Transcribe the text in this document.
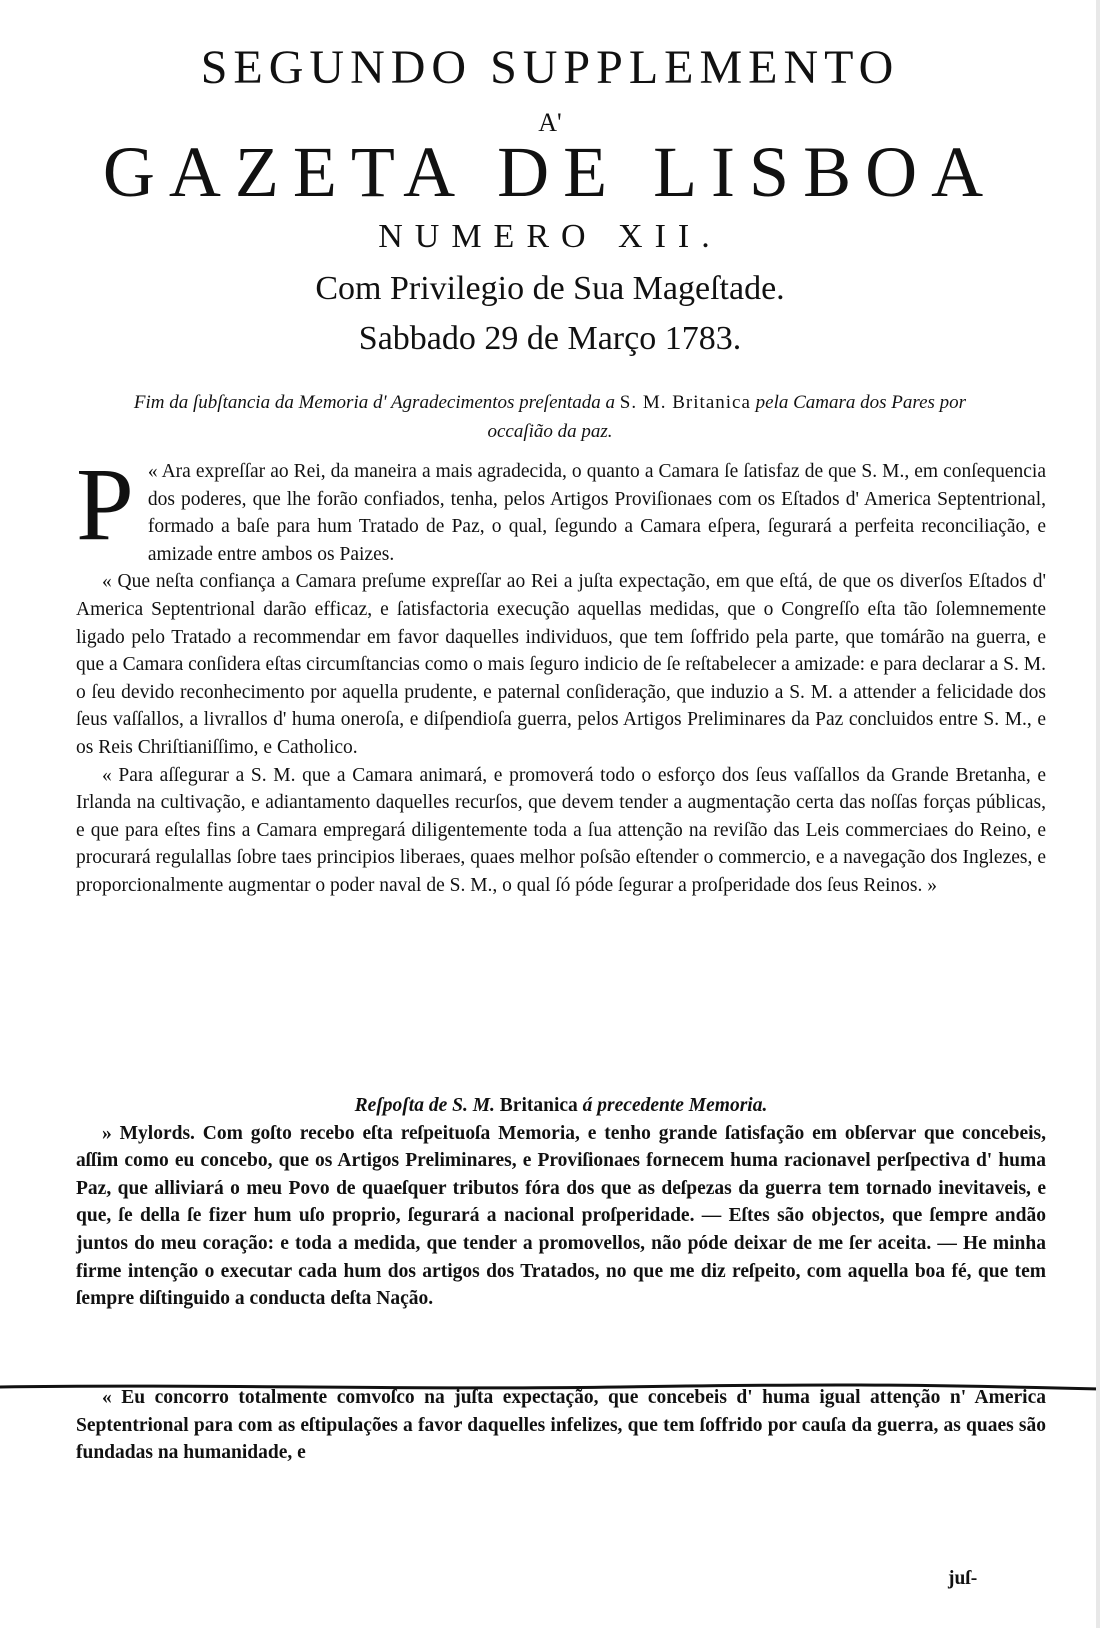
SEGUNDO SUPPLEMENTO
A'
GAZETA DE LISBOA
NUMERO XII.
Com Privilegio de Sua Mageſtade.
Sabbado 29 de Março 1783.
Fim da ſubſtancia da Memoria d' Agradecimentos preſentada a S. M. Britanica pela Camara dos Pares por occaſião da paz.

«
P Ara expreſſar ao Rei, da maneira a mais agradecida, o quanto a Camara ſe ſatisfaz de que S. M., em conſequencia dos poderes, que lhe forão confiados, tenha, pelos Artigos Proviſionaes com os Eſtados d' America Septentrional, formado a baſe para hum Tratado de Paz, o qual, ſegundo a Camara eſpera, ſegurará a perfeita reconciliação, e amizade entre ambos os Paizes.

« Que neſta confiança a Camara preſume expreſſar ao Rei a juſta expectação, em que eſtá, de que os diverſos Eſtados d' America Septentrional darão efficaz, e ſatisfactoria execução aquellas medidas, que o Congreſſo eſta tão ſolemnemente ligado pelo Tratado a recommendar em favor daquelles individuos, que tem ſoffrido pela parte, que tomárão na guerra, e que a Camara conſidera eſtas circumſtancias como o mais ſeguro indicio de ſe reſtabelecer a amizade: e para declarar a S. M. o ſeu devido reconhecimento por aquella prudente, e paternal conſideração, que induzio a S. M. a attender a felicidade dos ſeus vaſſallos, a livrallos d' huma oneroſa, e diſpendioſa guerra, pelos Artigos Preliminares da Paz concluidos entre S. M., e os Reis Chriſtianiſſimo, e Catholico.

« Para aſſegurar a S. M. que a Camara animará, e promoverá todo o esforço dos ſeus vaſſallos da Grande Bretanha, e Irlanda na cultivação, e adiantamento daquelles recurſos, que devem tender a augmentação certa das noſſas forças públicas, e que para eſtes fins a Camara empregará diligentemente toda a ſua attenção na reviſão das Leis commerciaes do Reino, e procurará regulallas ſobre taes principios liberaes, quaes melhor poſsão eſtender o commercio, e a navegação dos Inglezes, e proporcionalmente augmentar o poder naval de S. M., o qual ſó póde ſegurar a proſperidade dos ſeus Reinos. »

Reſpoſta de S. M. Britanica á precedente Memoria.

» Mylords. Com goſto recebo eſta reſpeituoſa Memoria, e tenho grande ſatisfação em obſervar que concebeis, aſſim como eu concebo, que os Artigos Preliminares, e Proviſionaes fornecem huma racionavel perſpectiva d' huma Paz, que alliviará o meu Povo de quaeſquer tributos fóra dos que as deſpezas da guerra tem tornado inevitaveis, e que, ſe della ſe fizer hum uſo proprio, ſegurará a nacional proſperidade. — Eſtes são objectos, que ſempre andão juntos do meu coração: e toda a medida, que tender a promovellos, não póde deixar de me ſer aceita. — He minha firme intenção o executar cada hum dos artigos dos Tratados, no que me diz reſpeito, com aquella boa fé, que tem ſempre diſtinguido a conducta deſta Nação.

« Eu concorro totalmente comvoſco na juſta expectação, que concebeis d' huma igual attenção n' America Septentrional para com as eſtipulações a favor daquelles infelizes, que tem ſoffrido por cauſa da guerra, as quaes são fundadas na humanidade, e

juſ-
